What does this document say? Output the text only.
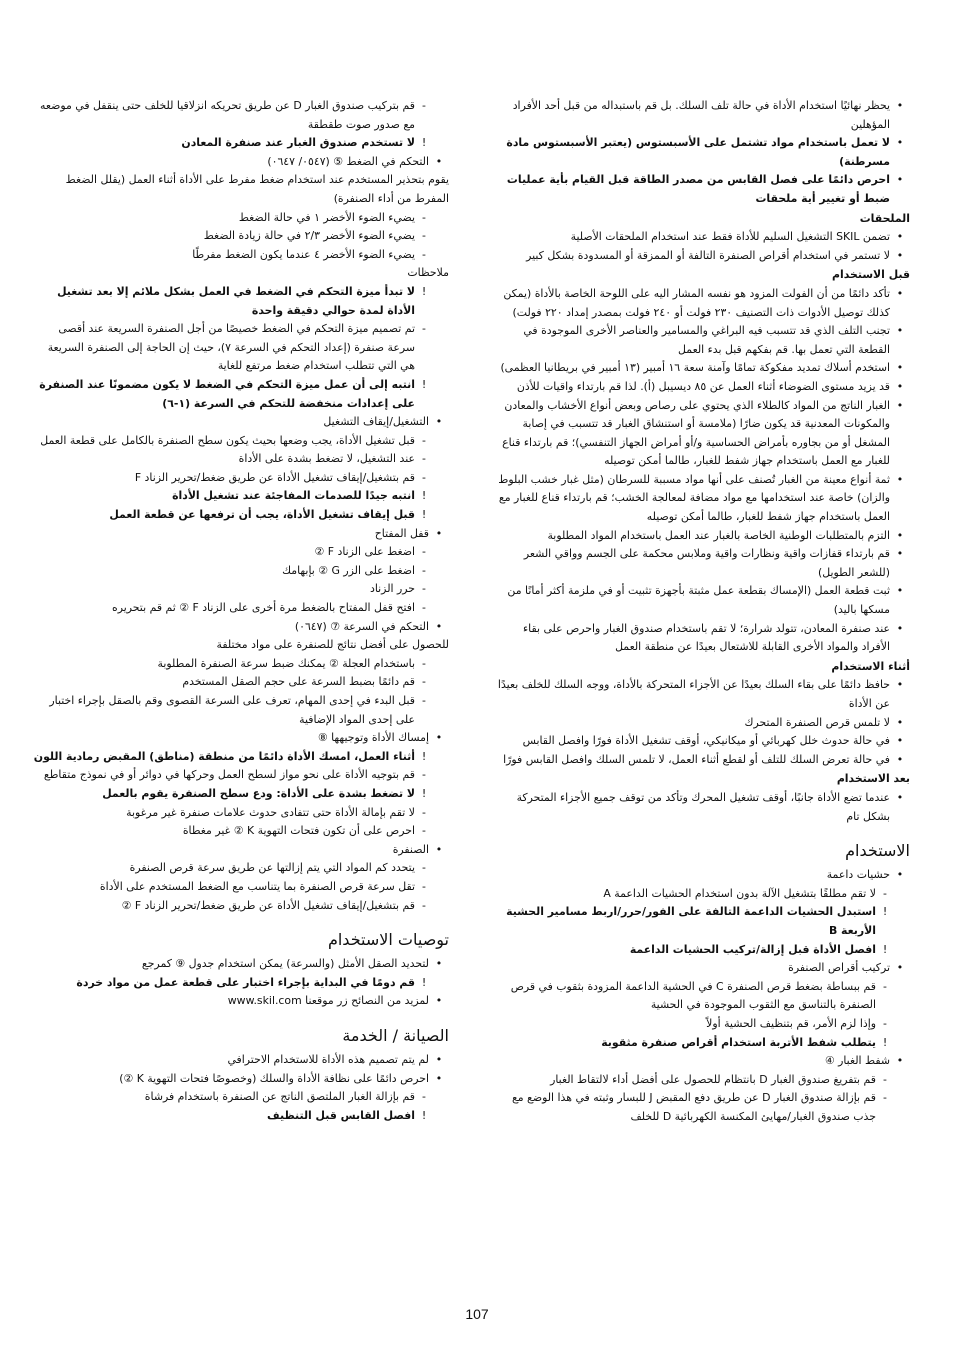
•
يحظر نهائيًا استخدام الأداة في حالة تلف السلك. بل قم باستبداله من قبل أحد الأفراد المؤهلين
•
لا تعمل باستخدام مواد تشتمل على الأسبستوس (يعتبر الأسبستوس مادة مسرطنة)
•
احرص دائمًا على فصل القابس من مصدر الطاقة قبل القيام بأية عمليات ضبط أو تغيير أية ملحقات
الملحقات
•
تضمن SKIL التشغيل السليم للأداة فقط عند استخدام الملحقات الأصلية
•
لا تستمر في استخدام أقراص الصنفرة التالفة أو الممزقة أو المسدودة بشكل كبير
قبل الاستخدام
•
تأكد دائمًا من أن الفولت المزود هو نفسه المشار اليه على اللوحة الخاصة بالأداة (يمكن كذلك توصيل الأدوات ذات التصنيف ٢٣٠ فولت أو ٢٤٠ فولت بمصدر إمداد ٢٢٠ فولت)
•
تجنب التلف الذي قد تتسبب فيه البراغي والمسامير والعناصر الأخرى الموجودة في القطعة التي تعمل بها. قم بفكهم قبل بدء العمل
•
استخدم أسلاك تمديد مفكوكة تمامًا وآمنة سعة ١٦ أمبير (١٣ أمبير في بريطانيا العظمى)
•
قد يزيد مستوى الضوضاء أثناء العمل عن ٨٥ ديسيبل (أ). لذا قم بارتداء واقيات للأذن
•
الغبار الناتج من المواد كالطلاء الذي يحتوي على رصاص وبعض أنواع الأخشاب والمعادن والمكونات المعدنية قد يكون ضارًا (ملامسة أو استنشاق الغبار قد تتسبب في إصابة المشغل أو من بجاوره بأمراض الحساسية و/أو أمراض الجهاز التنفسي)؛ قم بارتداء قناع للغبار مع العمل باستخدام جهاز شفط للغبار، طالما أمكن توصيله
•
ثمة أنواع معينة من الغبار تُصنف على أنها مواد مسببة للسرطان (مثل غبار خشب البلوط والزان) خاصة عند استخدامها مع مواد مضافة لمعالجة الخشب؛ قم بارتداء قناع للغبار مع العمل باستخدام جهاز شفط للغبار، طالما أمكن توصيله
•
التزم بالمتطلبات الوطنية الخاصة بالغبار عند العمل باستخدام المواد المطلوبة
•
قم بارتداء قفازات واقية ونظارات واقية وملابس محكمة على الجسم وواقي الشعر (للشعر الطويل)
•
ثبت قطعة العمل (الإمساك بقطعة عمل مثبتة بأجهزة تثبيت أو في ملزمة أكثر أمانًا من مسكها باليد)
•
عند صنفرة المعادن، تتولد شرارة؛ لا تقم باستخدام صندوق الغبار واحرص على بقاء الأفراد والمواد الأخرى القابلة للاشتعال بعيدًا عن منطقة العمل
أثناء الاستخدام
•
حافظ دائمًا على بقاء السلك بعيدًا عن الأجزاء المتحركة بالأداة، ووجه السلك للخلف بعيدًا عن الأداة
•
لا تلمس قرص الصنفرة المتحرك
•
في حالة حدوث خلل كهربائي أو ميكانيكي، أوقف تشغيل الأداة فورًا وافصل القابس
•
في حالة تعرض السلك للتلف أو لقطع أثناء العمل، لا تلمس السلك وافصل القابس فورًا
بعد الاستخدام
•
عندما تضع الأداة جانبًا، أوقف تشغيل المحرك وتأكد من توقف جميع الأجزاء المتحركة بشكل تام
الاستخدام
•
حشيات داعمة
-
لا تقم مطلقًا بتشغيل الآلة بدون استخدام الحشيات الداعمة A
!
استبدل الحشيات الداعمة التالفة على الفور/حرر/اربط مسامير الحشية الأربعة B
!
افصل الأداة قبل إزالة/تركيب الحشيات الداعمة
•
تركيب أقراص الصنفرة
-
قم ببساطة بضغط قرص الصنفرة C في الحشية الداعمة المزودة بثقوب في قرص الصنفرة بالتناسق مع الثقوب الموجودة في الحشية
-
وإذا لزم الأمر، قم بتنظيف الحشية أولاً
!
يتطلب شفط الأتربة استخدام أقراص صنفرة مثقوبة
•
شفط الغبار ④
-
قم بتفريغ صندوق الغبار D بانتظام للحصول على أفضل أداء لالتقاط الغبار
-
قم بإزالة صندوق الغبار D عن طريق دفع المقبض J للبسار وثبته في هذا الوضع مع جذب صندوق الغبار/مهايئ المكنسة الكهربائية D للخلف
-
قم بتركيب صندوق الغبار D عن طريق تحريكه انزلاقيا للخلف حتى ينقفل في موضعه مع صدور صوت طقطقة
!
لا تستخدم صندوق الغبار عند صنفرة المعادن
•
التحكم في الضغط ⑤ (٠٥٤٧/ ٠٦٤٧)
يقوم بتحذير المستخدم عند استخدام ضغط مفرط على الأداة أثناء العمل (يقلل الضغط المفرط من أداء الصنفرة)
-
يضيء الضوء الأخضر ١ في حالة الضغط
-
يضيء الضوء الأخضر ٢/٣ في حالة زيادة الضغط
-
يضيء الضوء الأخضر ٤ عندما يكون الضغط مفرطًا
ملاحظات
!
لا تبدأ ميزة التحكم في الضغط في العمل بشكل ملائم إلا بعد تشغيل الأداة لمدة حوالي دقيقة واحدة
-
تم تصميم ميزة التحكم في الضغط خصيصًا من أجل الصنفرة السريعة عند أقصى سرعة صنفرة (إعداد التحكم في السرعة ٧)، حيث إن الحاجة إلى الصنفرة السريعة هي التي تتطلب استخدام ضغط مرتفع للغاية
!
انتبه إلى أن عمل ميزة التحكم في الضغط لا يكون مضمونًا عند الصنفرة على إعدادات منخفضة للتحكم في السرعة (١-٦)
•
التشغيل/إيقاف التشغيل
-
قبل تشغيل الأداة، يجب وضعها بحيث يكون سطح الصنفرة بالكامل على قطعة العمل
-
عند التشغيل، لا تضغط بشدة على الأداة
-
قم بتشغيل/إيقاف تشغيل الأداة عن طريق ضغط/تحرير الزناد F
!
انتبه جيدًا للصدمات المفاجئة عند تشغيل الأداة
!
قبل إيقاف تشغيل الأداة، يجب أن ترفعها عن قطعة العمل
•
قفل المفتاح
-
اضغط على الزناد F ②
-
اضغط على الزر G ② بإبهامك
-
حرر الزناد
-
افتح قفل المفتاح بالضغط مرة أخرى على الزناد F ② ثم قم بتحريره
•
التحكم في السرعة ⑦ (٠٦٤٧)
للحصول على أفضل نتائج للصنفرة على مواد مختلفة
-
باستخدام العجلة ② يمكنك ضبط سرعة الصنفرة المطلوبة
-
قم دائمًا بضبط السرعة على حجم الصقل المستخدم
-
قبل البدء في إحدى المهام، تعرف على السرعة القصوى وقم بالصقل بإجراء اختبار على إحدى المواد الإضافية
•
إمساك الأداة وتوجيهها ⑧
!
أثناء العمل، امسك الأداة دائمًا من منطقة (مناطق) المقبض رمادية اللون
-
قم بتوجيه الأداة على نحو مواز لسطح العمل وحركها في دوائر أو في نموذج متقاطع
!
لا تضغط بشدة على الأداة: ودع سطح الصنفرة يقوم بالعمل
-
لا تقم بإمالة الأداة حتى تتفادى حدوث علامات صنفرة غير مرغوبة
-
احرص على أن تكون فتحات التهوية K ② غير مغطاة
•
الصنفرة
-
يتحدد كم المواد التي يتم إزالتها عن طريق سرعة قرص الصنفرة
-
تقل سرعة قرص الصنفرة بما يتناسب مع الضغط المستخدم على الأداة
-
قم بتشغيل/إيقاف تشغيل الأداة عن طريق ضغط/تحرير الزناد F ②
توصيات الاستخدام
•
لتحديد الصقل الأمثل (والسرعة) يمكن استخدام جدول ⑨ كمرجع
!
قم دومًا في البداية بإجراء اختبار على قطعة عمل من مواد خردة
•
لمزيد من النصائح زر موقعنا www.skil.com
الصيانة / الخدمة
•
لم يتم تصميم هذه الأداة للاستخدام الاحترافي
•
احرص دائمًا على نظافة الأداة والسلك (وخصوصًا فتحات التهوية K ②)
-
قم بإزالة الغبار الملتصق الناتج عن الصنفرة باستخدام فرشاة
!
افصل القابس قبل التنظيف
107
